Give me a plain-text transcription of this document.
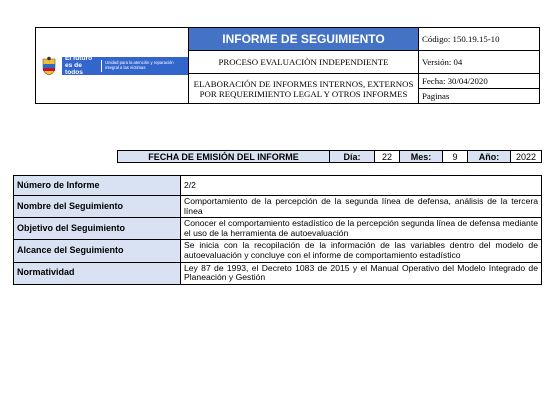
El futuro es de todos
Unidad para la atención y reparación integral a las víctimas	INFORME DE SEGUIMIENTO	Código: 150.19.15-10
	PROCESO EVALUACIÒN INDEPENDIENTE	Versión: 04
	ELABORACIÓN DE INFORMES INTERNOS, EXTERNOS POR REQUERIMIENTO LEGAL Y OTROS INFORMES	Fecha: 30/04/2020
		Paginas
FECHA DE EMISIÓN DEL INFORME	Día:	22	Mes:	9	Año:	2022
Número de Informe	2/2
Nombre del Seguimiento	Comportamiento de la percepción de la segunda línea de defensa, análisis de la tercera línea
Objetivo del Seguimiento	Conocer el comportamiento estadístico de la percepción segunda línea de defensa mediante el uso de la herramienta de autoevaluación
Alcance del Seguimiento	Se inicia con la recopilación de la información de las variables dentro del modelo de autoevaluación y concluye con el informe de comportamiento estadístico
Normatividad	Ley 87 de 1993, el Decreto 1083 de 2015 y el Manual Operativo del Modelo Integrado de Planeación y Gestión
